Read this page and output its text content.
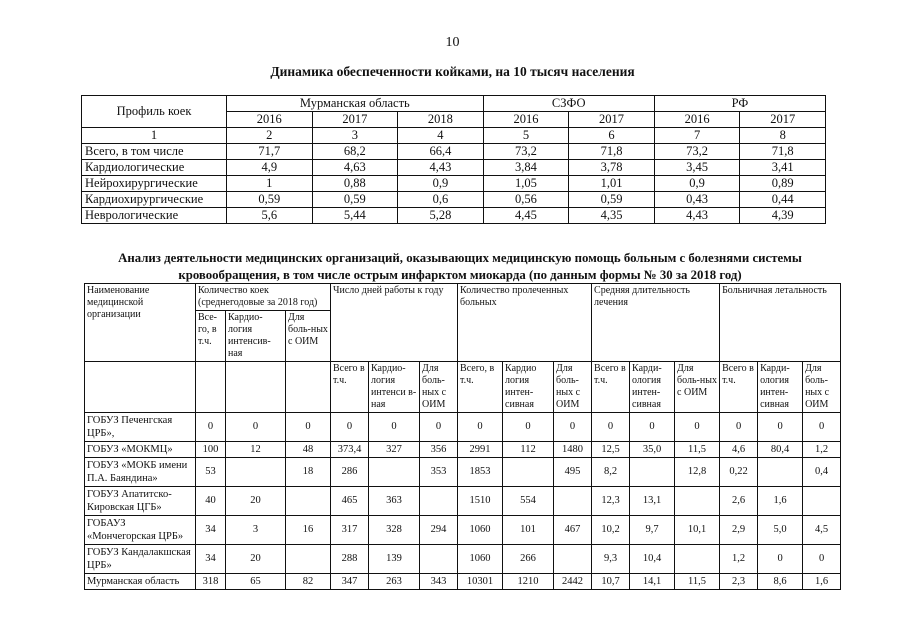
10
Динамика обеспеченности койками, на 10 тысяч населения
Профиль коек	Мурманская область			СЗФО		РФ	
	2016	2017	2018	2016	2017	2016	2017
1	2	3	4	5	6	7	8
Всего, в том числе	71,7	68,2	66,4	73,2	71,8	73,2	71,8
Кардиологические	4,9	4,63	4,43	3,84	3,78	3,45	3,41
Нейрохирургические	1	0,88	0,9	1,05	1,01	0,9	0,89
Кардиохирургические	0,59	0,59	0,6	0,56	0,59	0,43	0,44
Неврологические	5,6	5,44	5,28	4,45	4,35	4,43	4,39
Анализ деятельности медицинских организаций, оказывающих медицинскую помощь больным с болезнями системы кровообращения, в том числе острым инфарктом миокарда (по данным формы № 30 за 2018 год)
Наименование медицинской организации	Количество коек (среднегодовые за 2018 год)			Число дней работы к году			Количество пролеченных больных			Средняя длительность лечения			Больничная летальность		
	Все-го, в т.ч.	Кардио-логия интенсив-ная	Для боль-ных с ОИМ												
				Всего в т.ч.	Кардио-логия интенси в-ная	Для боль-ных с ОИМ	Всего, в т.ч.	Кардио логия интен-сивная	Для боль-ных с ОИМ	Всего в т.ч.	Карди-ология интен-сивная	Для боль-ных с ОИМ	Всего в т.ч.	Карди-ология интен-сивная	Для боль-ных с ОИМ
ГОБУЗ Печенгская ЦРБ»,	0	0	0	0	0	0	0	0	0	0	0	0	0	0	0
ГОБУЗ «МОКМЦ»	100	12	48	373,4	327	356	2991	112	1480	12,5	35,0	11,5	4,6	80,4	1,2
ГОБУЗ «МОКБ имени П.А. Баяндина»	53		18	286		353	1853		495	8,2		12,8	0,22		0,4
ГОБУЗ Апатитско-Кировская ЦГБ»	40	20		465	363		1510	554		12,3	13,1		2,6	1,6	
ГОБАУЗ «Мончегорская ЦРБ»	34	3	16	317	328	294	1060	101	467	10,2	9,7	10,1	2,9	5,0	4,5
ГОБУЗ Кандалакшская ЦРБ»	34	20		288	139		1060	266		9,3	10,4		1,2	0	0
Мурманская область	318	65	82	347	263	343	10301	1210	2442	10,7	14,1	11,5	2,3	8,6	1,6
